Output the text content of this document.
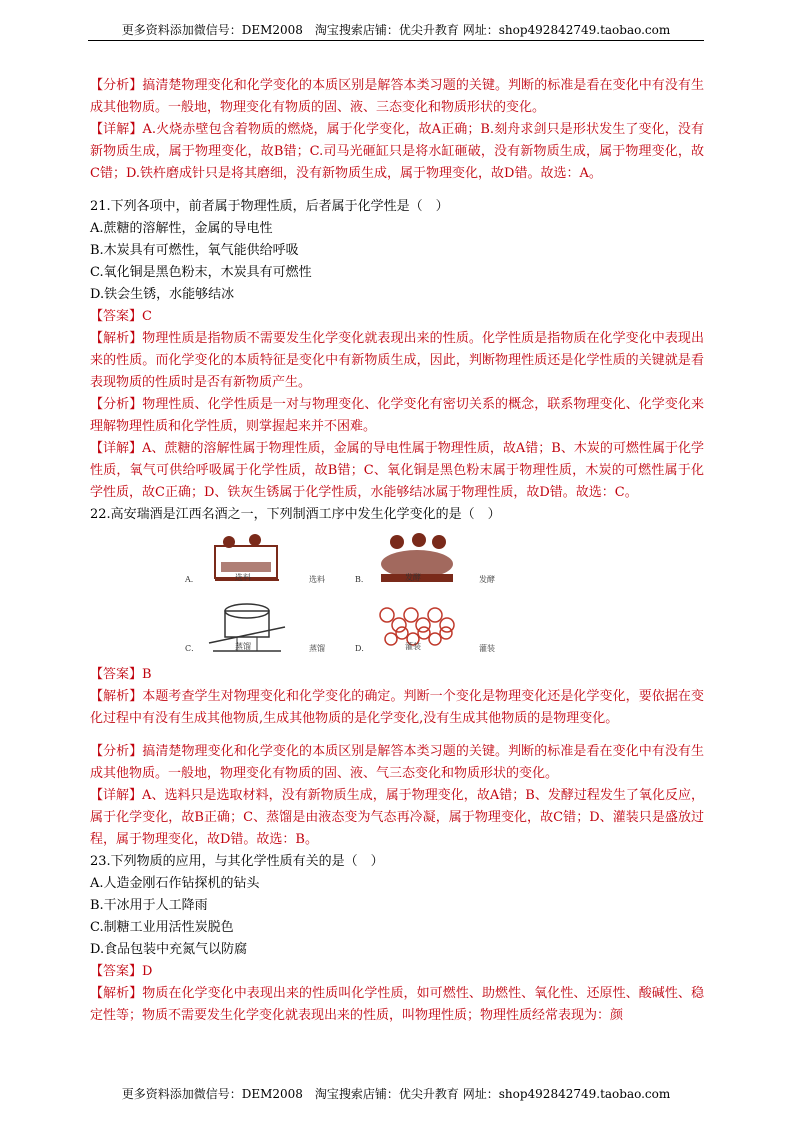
更多资料添加微信号：DEM2008　淘宝搜索店铺：优尖升教育 网址：shop492842749.taobao.com

【分析】搞清楚物理变化和化学变化的本质区别是解答本类习题的关键。判断的标准是看在变化中有没有生成其他物质。一般地，物理变化有物质的固、液、三态变化和物质形状的变化。

【详解】A.火烧赤壁包含着物质的燃烧，属于化学变化，故A正确；B.刻舟求剑只是形状发生了变化，没有新物质生成，属于物理变化，故B错；C.司马光砸缸只是将水缸砸破，没有新物质生成，属于物理变化，故C错；D.铁杵磨成针只是将其磨细，没有新物质生成，属于物理变化，故D错。故选：A。

21.下列各项中，前者属于物理性质，后者属于化学性是（　）

A.蔗糖的溶解性，金属的导电性

B.木炭具有可燃性，氧气能供给呼吸

C.氧化铜是黑色粉末，木炭具有可燃性

D.铁会生锈，水能够结冰

【答案】C

【解析】物理性质是指物质不需要发生化学变化就表现出来的性质。化学性质是指物质在化学变化中表现出来的性质。而化学变化的本质特征是变化中有新物质生成，因此，判断物理性质还是化学性质的关键就是看表现物质的性质时是否有新物质产生。

【分析】物理性质、化学性质是一对与物理变化、化学变化有密切关系的概念，联系物理变化、化学变化来理解物理性质和化学性质，则掌握起来并不困难。

【详解】A、蔗糖的溶解性属于物理性质，金属的导电性属于物理性质，故A错；B、木炭的可燃性属于化学性质，氧气可供给呼吸属于化学性质，故B错；C、氧化铜是黑色粉末属于物理性质，木炭的可燃性属于化学性质，故C正确；D、铁灰生锈属于化学性质，水能够结冰属于物理性质，故D错。故选：C。

22.高安瑞酒是江西名酒之一，下列制酒工序中发生化学变化的是（　）

A．	选料	选料	B．	发酵	发酵
C．	蒸馏	蒸馏	D．	灌装	灌装

【答案】B

【解析】本题考查学生对物理变化和化学变化的确定。判断一个变化是物理变化还是化学变化，要依据在变化过程中有没有生成其他物质,生成其他物质的是化学变化,没有生成其他物质的是物理变化。

【分析】搞清楚物理变化和化学变化的本质区别是解答本类习题的关键。判断的标准是看在变化中有没有生成其他物质。一般地，物理变化有物质的固、液、气三态变化和物质形状的变化。

【详解】A、选料只是选取材料，没有新物质生成，属于物理变化，故A错；B、发酵过程发生了氧化反应，属于化学变化，故B正确；C、蒸馏是由液态变为气态再冷凝，属于物理变化，故C错；D、灌装只是盛放过程，属于物理变化，故D错。故选：B。

23.下列物质的应用，与其化学性质有关的是（　）

A.人造金刚石作钻探机的钻头

B.干冰用于人工降雨

C.制糖工业用活性炭脱色

D.食品包装中充氮气以防腐

【答案】D

【解析】物质在化学变化中表现出来的性质叫化学性质，如可燃性、助燃性、氧化性、还原性、酸碱性、稳定性等；物质不需要发生化学变化就表现出来的性质，叫物理性质；物理性质经常表现为：颜

更多资料添加微信号：DEM2008　淘宝搜索店铺：优尖升教育 网址：shop492842749.taobao.com
